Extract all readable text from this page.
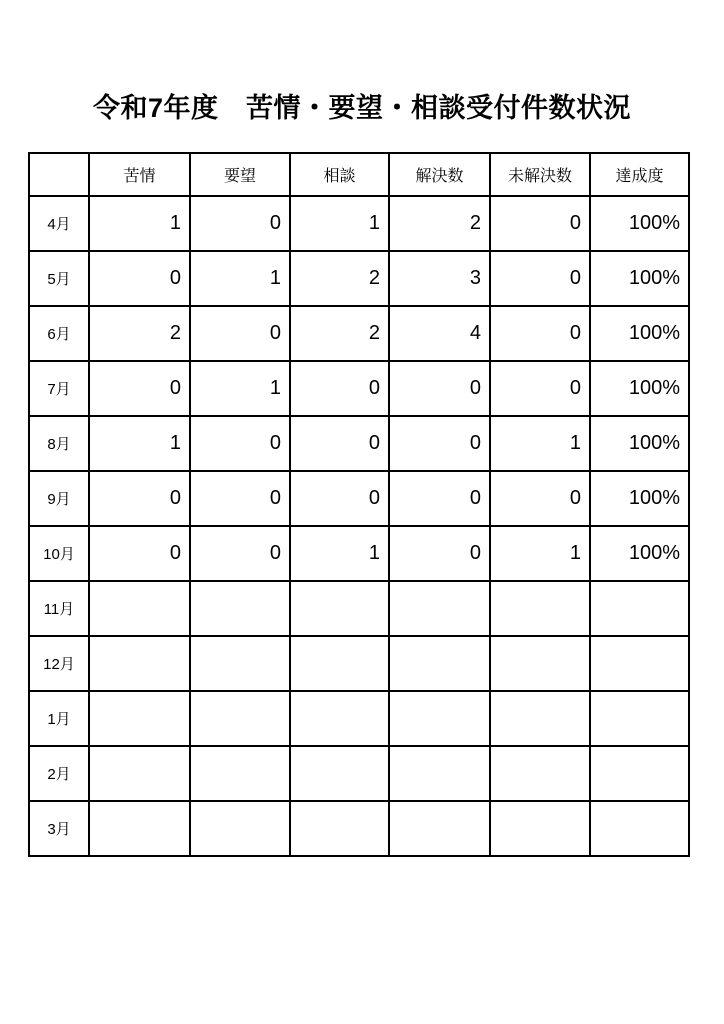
令和7年度　苦情・要望・相談受付件数状況
	苦情	要望	相談	解決数	未解決数	達成度
4月	1	0	1	2	0	100%
5月	0	1	2	3	0	100%
6月	2	0	2	4	0	100%
7月	0	1	0	0	0	100%
8月	1	0	0	0	1	100%
9月	0	0	0	0	0	100%
10月	0	0	1	0	1	100%
11月						
12月						
1月						
2月						
3月						
